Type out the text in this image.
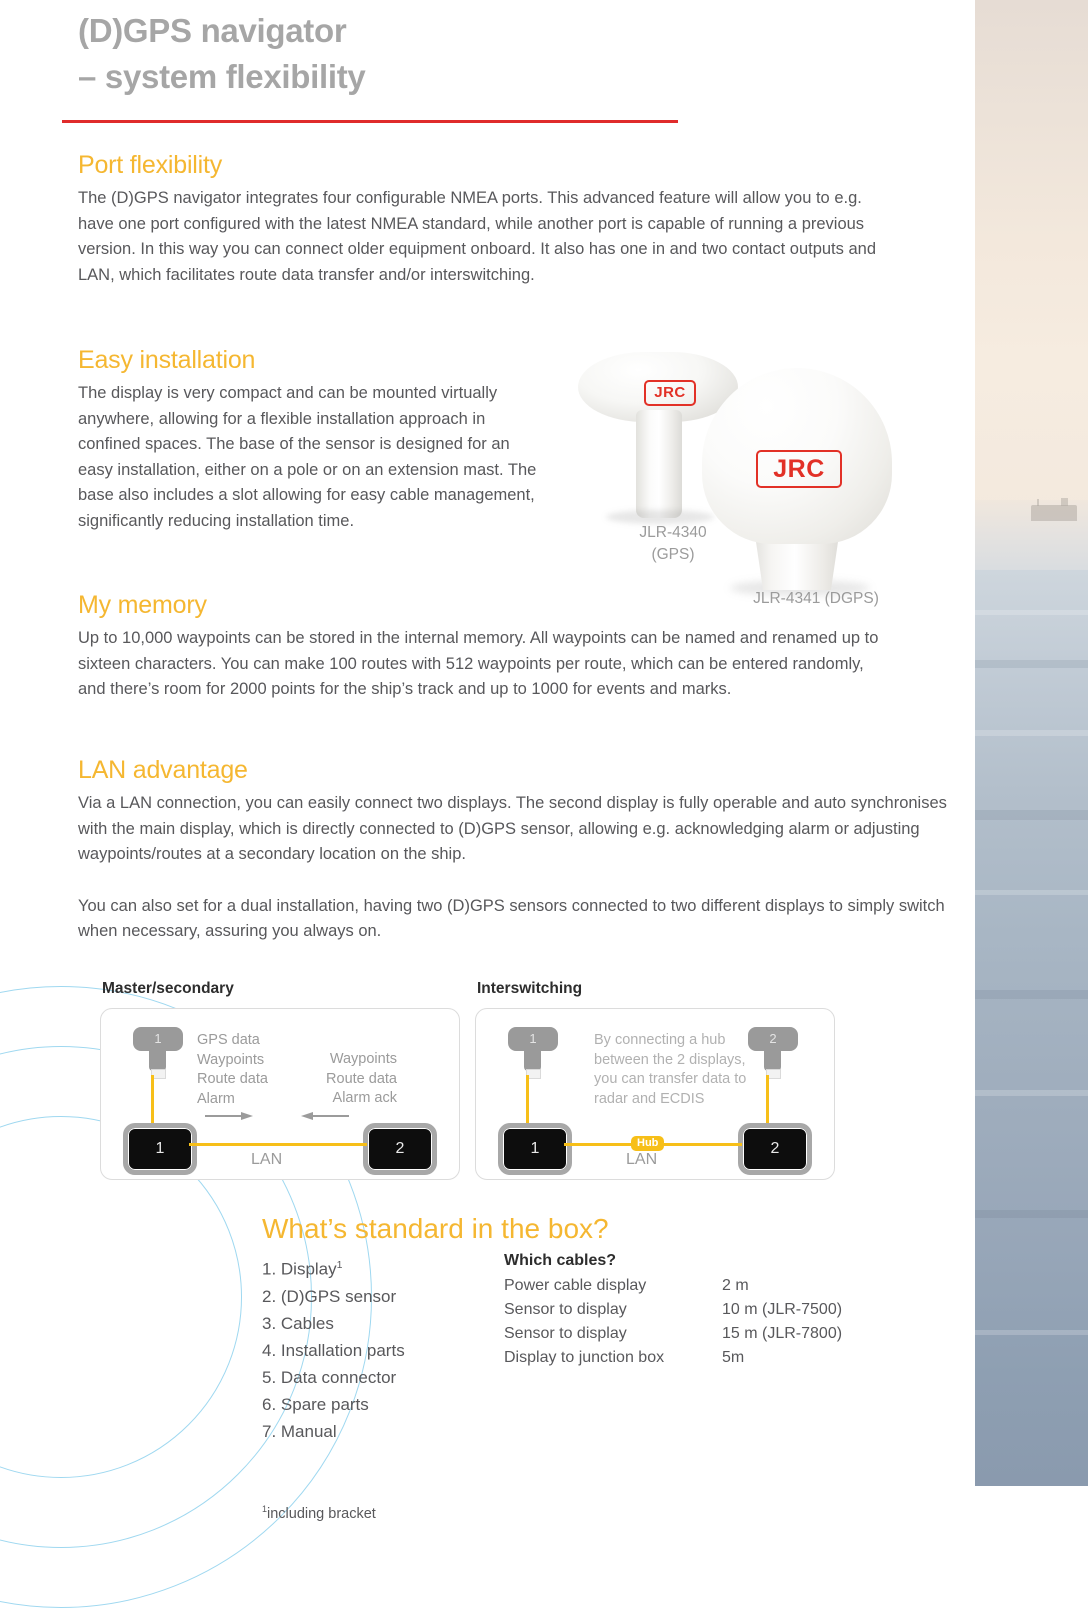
(D)GPS navigator
– system flexibility
Port flexibility

The (D)GPS navigator integrates four configurable NMEA ports. This advanced feature will allow you to e.g. have one port configured with the latest NMEA standard, while another port is capable of running a previous version. In this way you can connect older equipment onboard. It also has one in and two contact outputs and LAN, which facilitates route data transfer and/or interswitching.

Easy installation

The display is very compact and can be mounted virtually anywhere, allowing for a flexible installation approach in confined spaces. The base of the sensor is designed for an easy installation, either on a pole or on an extension mast. The base also includes a slot allowing for easy cable management, significantly reducing installation time.

My memory

Up to 10,000 waypoints can be stored in the internal memory. All waypoints can be named and renamed up to sixteen characters. You can make 100 routes with 512 waypoints per route, which can be entered randomly, and there’s room for 2000 points for the ship’s track and up to 1000 for events and marks.

LAN advantage

Via a LAN connection, you can easily connect two displays. The second display is fully operable and auto synchronises with the main display, which is directly connected to (D)GPS sensor, allowing e.g. acknowledging alarm or adjusting waypoints/routes at a secondary location on the ship.

You can also set for a dual installation, having two (D)GPS sensors connected to two different displays to simply switch when necessary, assuring you always on.

JRC
JRC
JLR-4340
(GPS)
JLR-4341 (DGPS)
Master/secondary
1
1	2
LAN
GPS data
Waypoints
Route data
Alarm
Waypoints
Route data
Alarm ack
Interswitching
1	2
1	2
Hub
LAN
By connecting a hub
between the 2 displays,
you can transfer data to
radar and ECDIS
What’s standard in the box?
1. Display$^1$
2. (D)GPS sensor
3. Cables
4. Installation parts
5. Data connector
6. Spare parts
7. Manual
Which cables?
Power cable display	2 m
Sensor to display	10 m (JLR-7500)
Sensor to display	15 m (JLR-7800)
Display to junction box	5m
$^1$including bracket
